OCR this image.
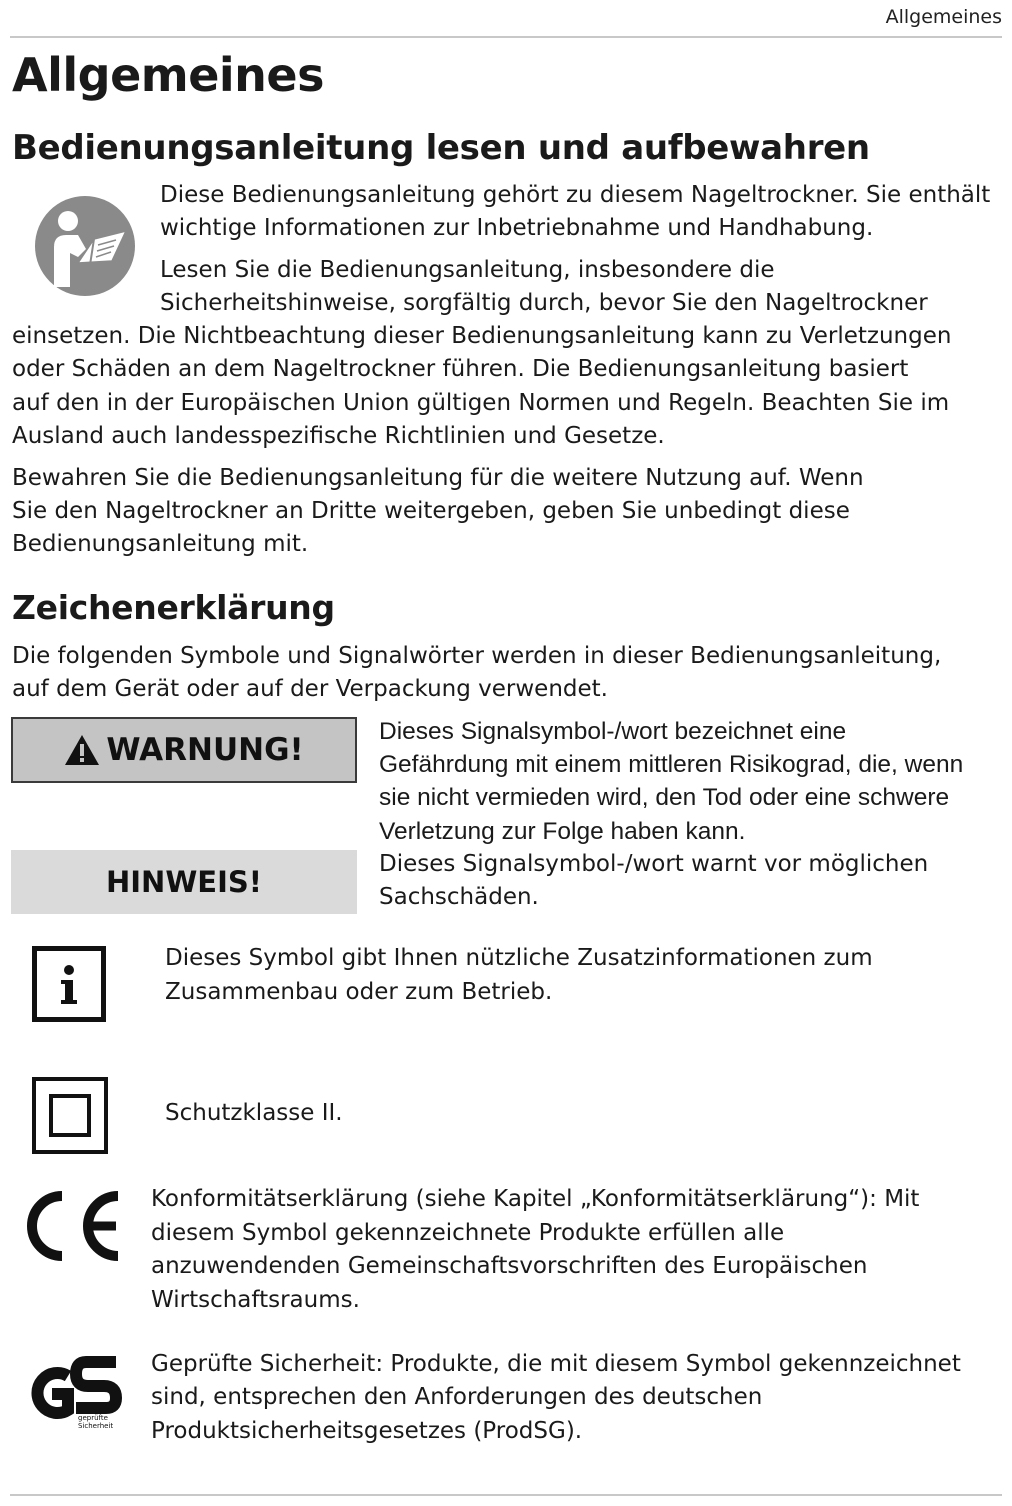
Allgemeines
Allgemeines
Bedienungsanleitung lesen und aufbewahren

Diese Bedienungsanleitung gehört zu diesem Nageltrockner. Sie enthält

wichtige Informationen zur Inbetriebnahme und Handhabung.

Lesen Sie die Bedienungsanleitung, insbesondere die

Sicherheitshinweise, sorgfältig durch, bevor Sie den Nageltrockner

einsetzen. Die Nichtbeachtung dieser Bedienungsanleitung kann zu Verletzungen

oder Schäden an dem Nageltrockner führen. Die Bedienungsanleitung basiert

auf den in der Europäischen Union gültigen Normen und Regeln. Beachten Sie im

Ausland auch landesspezifische Richtlinien und Gesetze.

Bewahren Sie die Bedienungsanleitung für die weitere Nutzung auf. Wenn

Sie den Nageltrockner an Dritte weitergeben, geben Sie unbedingt diese

Bedienungsanleitung mit.

Zeichenerklärung

Die folgenden Symbole und Signalwörter werden in dieser Bedienungsanleitung,

auf dem Gerät oder auf der Verpackung verwendet.

WARNUNG!

Dieses Signalsymbol-/wort bezeichnet eine

Gefährdung mit einem mittleren Risikograd, die, wenn

sie nicht vermieden wird, den Tod oder eine schwere

Verletzung zur Folge haben kann.

HINWEIS!

Dieses Signalsymbol-/wort warnt vor möglichen

Sachschäden.

Dieses Symbol gibt Ihnen nützliche Zusatzinformationen zum

Zusammenbau oder zum Betrieb.

Schutzklasse II.

Konformitätserklärung (siehe Kapitel „Konformitätserklärung“): Mit

diesem Symbol gekennzeichnete Produkte erfüllen alle

anzuwendenden Gemeinschaftsvorschriften des Europäischen

Wirtschaftsraums.

geprüfte
Sicherheit

Geprüfte Sicherheit: Produkte, die mit diesem Symbol gekennzeichnet

sind, entsprechen den Anforderungen des deutschen

Produktsicherheitsgesetzes (ProdSG).
